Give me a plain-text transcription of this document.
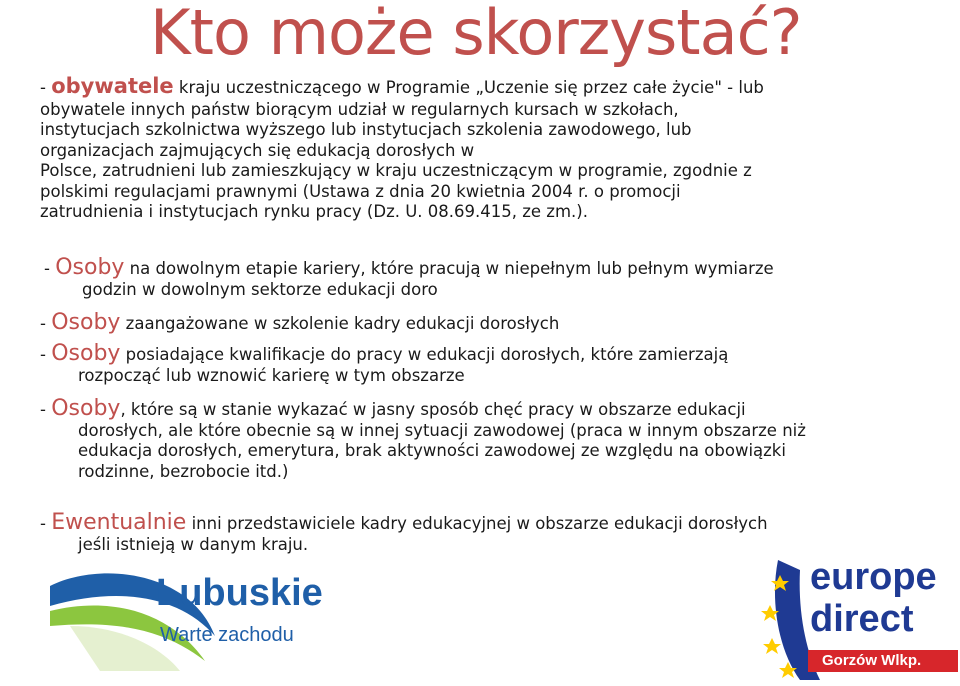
Kto może skorzystać?
- obywatele kraju uczestniczącego w Programie „Uczenie się przez całe życie" - lub
obywatele innych państw biorącym udział w regularnych kursach w szkołach,
instytucjach szkolnictwa wyższego lub instytucjach szkolenia zawodowego, lub
organizacjach zajmujących się edukacją dorosłych w
Polsce, zatrudnieni lub zamieszkujący w kraju uczestniczącym w programie, zgodnie z
polskimi regulacjami prawnymi (Ustawa z dnia 20 kwietnia 2004 r. o promocji
zatrudnienia i instytucjach rynku pracy (Dz. U. 08.69.415, ze zm.).
- Osoby na dowolnym etapie kariery, które pracują w niepełnym lub pełnym wymiarze
godzin w dowolnym sektorze edukacji doro
- Osoby zaangażowane w szkolenie kadry edukacji dorosłych
- Osoby posiadające kwalifikacje do pracy w edukacji dorosłych, które zamierzają
rozpocząć lub wznowić karierę w tym obszarze
- Osoby, które są w stanie wykazać w jasny sposób chęć pracy w obszarze edukacji
dorosłych, ale które obecnie są w innej sytuacji zawodowej (praca w innym obszarze niż
edukacja dorosłych, emerytura, brak aktywności zawodowej ze względu na obowiązki
rodzinne, bezrobocie itd.)
- Ewentualnie inni przedstawiciele kadry edukacyjnej w obszarze edukacji dorosłych
jeśli istnieją w danym kraju.
Lubuskie
Warte zachodu
europe
direct
Gorzów Wlkp.
